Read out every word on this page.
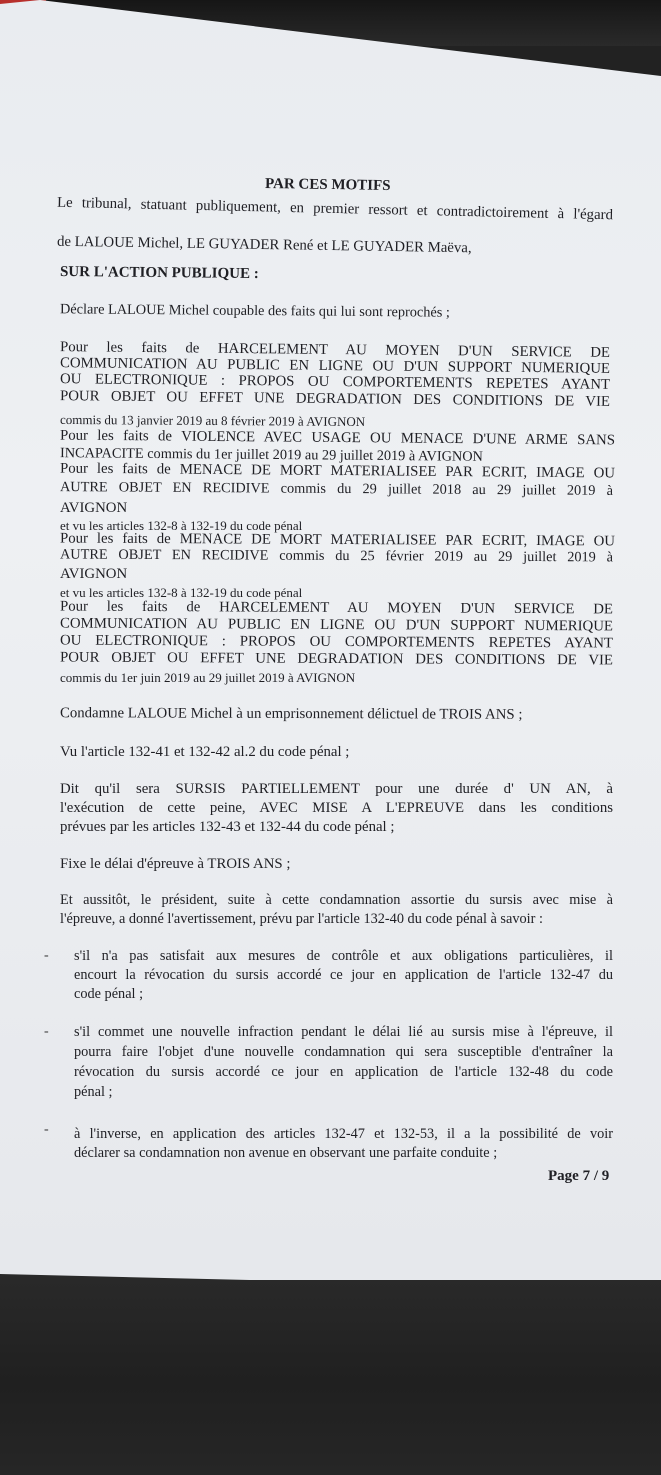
PAR CES MOTIFS
Le tribunal, statuant publiquement, en premier ressort et contradictoirement à l'égard
de LALOUE Michel, LE GUYADER René et LE GUYADER Maëva,
SUR L'ACTION PUBLIQUE :
Déclare LALOUE Michel coupable des faits qui lui sont reprochés ;
Pour les faits de HARCELEMENT AU MOYEN D'UN SERVICE DE
COMMUNICATION AU PUBLIC EN LIGNE OU D'UN SUPPORT NUMERIQUE
OU ELECTRONIQUE : PROPOS OU COMPORTEMENTS REPETES AYANT
POUR OBJET OU EFFET UNE DEGRADATION DES CONDITIONS DE VIE
commis du 13 janvier 2019 au 8 février 2019 à AVIGNON
Pour les faits de VIOLENCE AVEC USAGE OU MENACE D'UNE ARME SANS
INCAPACITE commis du 1er juillet 2019 au 29 juillet 2019 à AVIGNON
Pour les faits de MENACE DE MORT MATERIALISEE PAR ECRIT, IMAGE OU
AUTRE OBJET EN RECIDIVE commis du 29 juillet 2018 au 29 juillet 2019 à
AVIGNON
et vu les articles 132-8 à 132-19 du code pénal
Pour les faits de MENACE DE MORT MATERIALISEE PAR ECRIT, IMAGE OU
AUTRE OBJET EN RECIDIVE commis du 25 février 2019 au 29 juillet 2019 à
AVIGNON
et vu les articles 132-8 à 132-19 du code pénal
Pour les faits de HARCELEMENT AU MOYEN D'UN SERVICE DE
COMMUNICATION AU PUBLIC EN LIGNE OU D'UN SUPPORT NUMERIQUE
OU ELECTRONIQUE : PROPOS OU COMPORTEMENTS REPETES AYANT
POUR OBJET OU EFFET UNE DEGRADATION DES CONDITIONS DE VIE
commis du 1er juin 2019 au 29 juillet 2019 à AVIGNON
Condamne LALOUE Michel à un emprisonnement délictuel de TROIS ANS ;
Vu l'article 132-41 et 132-42 al.2 du code pénal ;
Dit qu'il sera SURSIS PARTIELLEMENT pour une durée d' UN AN, à
l'exécution de cette peine, AVEC MISE A L'EPREUVE dans les conditions
prévues par les articles 132-43 et 132-44 du code pénal ;
Fixe le délai d'épreuve à TROIS ANS ;
Et aussitôt, le président, suite à cette condamnation assortie du sursis avec mise à
l'épreuve, a donné l'avertissement, prévu par l'article 132-40 du code pénal à savoir :
- s'il n'a pas satisfait aux mesures de contrôle et aux obligations particulières, il
encourt la révocation du sursis accordé ce jour en application de l'article 132-47 du
code pénal ;
- s'il commet une nouvelle infraction pendant le délai lié au sursis mise à l'épreuve, il
pourra faire l'objet d'une nouvelle condamnation qui sera susceptible d'entraîner la
révocation du sursis accordé ce jour en application de l'article 132-48 du code
pénal ;
- à l'inverse, en application des articles 132-47 et 132-53, il a la possibilité de voir
déclarer sa condamnation non avenue en observant une parfaite conduite ;
Page 7 / 9
